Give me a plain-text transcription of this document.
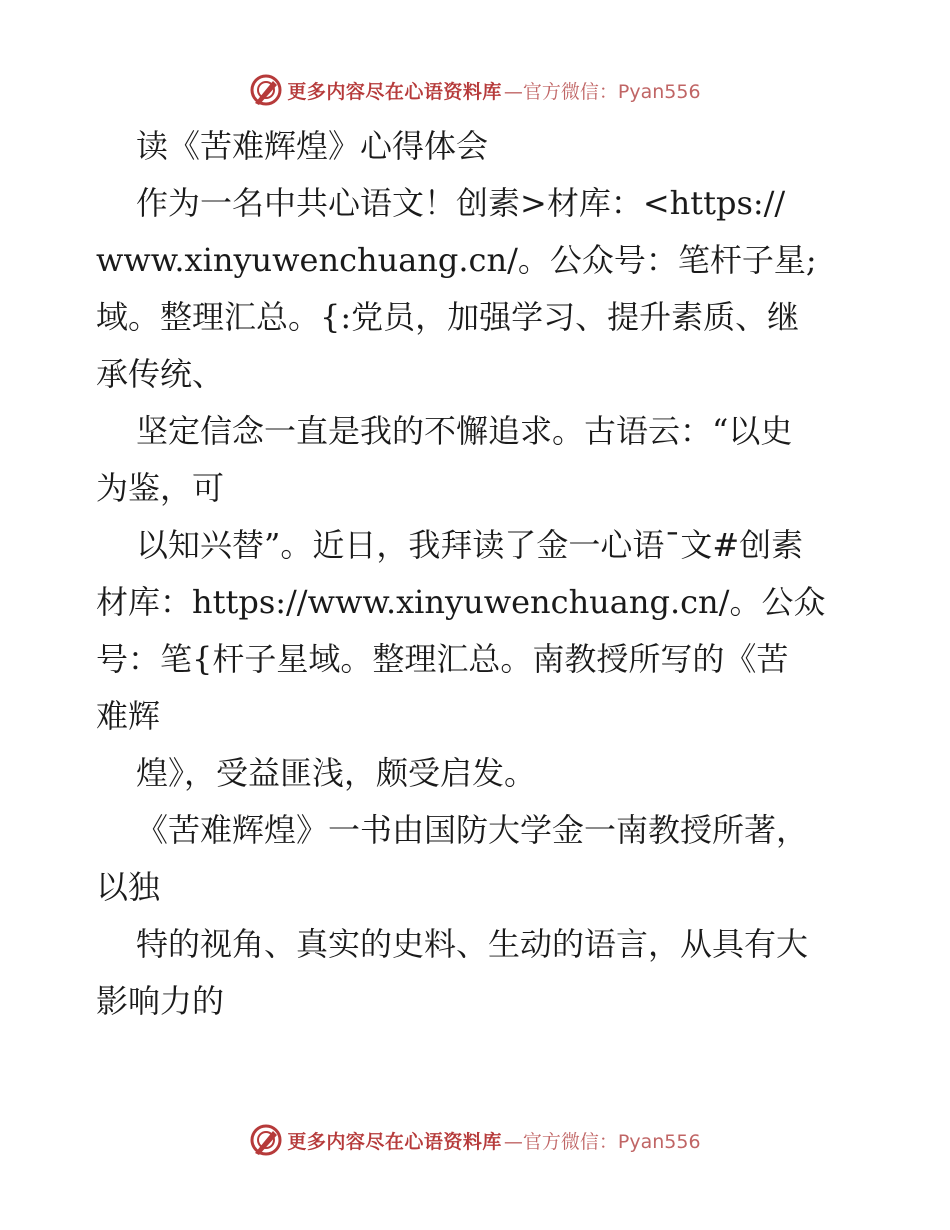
更多内容尽在心语资料库 —官方微信：Pyan556
读《苦难辉煌》心得体会
作为一名中共心语文！创素>材库：<https://
www.xinyuwenchuang.cn/。公众号：笔杆子星;
域。整理汇总。{:党员，加强学习、提升素质、继
承传统、
坚定信念一直是我的不懈追求。古语云：“以史
为鉴，可
以知兴替”。近日，我拜读了金一心语¯文#创素
材库：https://www.xinyuwenchuang.cn/。公众
号：笔{杆子星域。整理汇总。南教授所写的《苦
难辉
煌》，受益匪浅，颇受启发。
《苦难辉煌》一书由国防大学金一南教授所著，
以独
特的视角、真实的史料、生动的语言，从具有大
影响力的
更多内容尽在心语资料库 —官方微信：Pyan556
